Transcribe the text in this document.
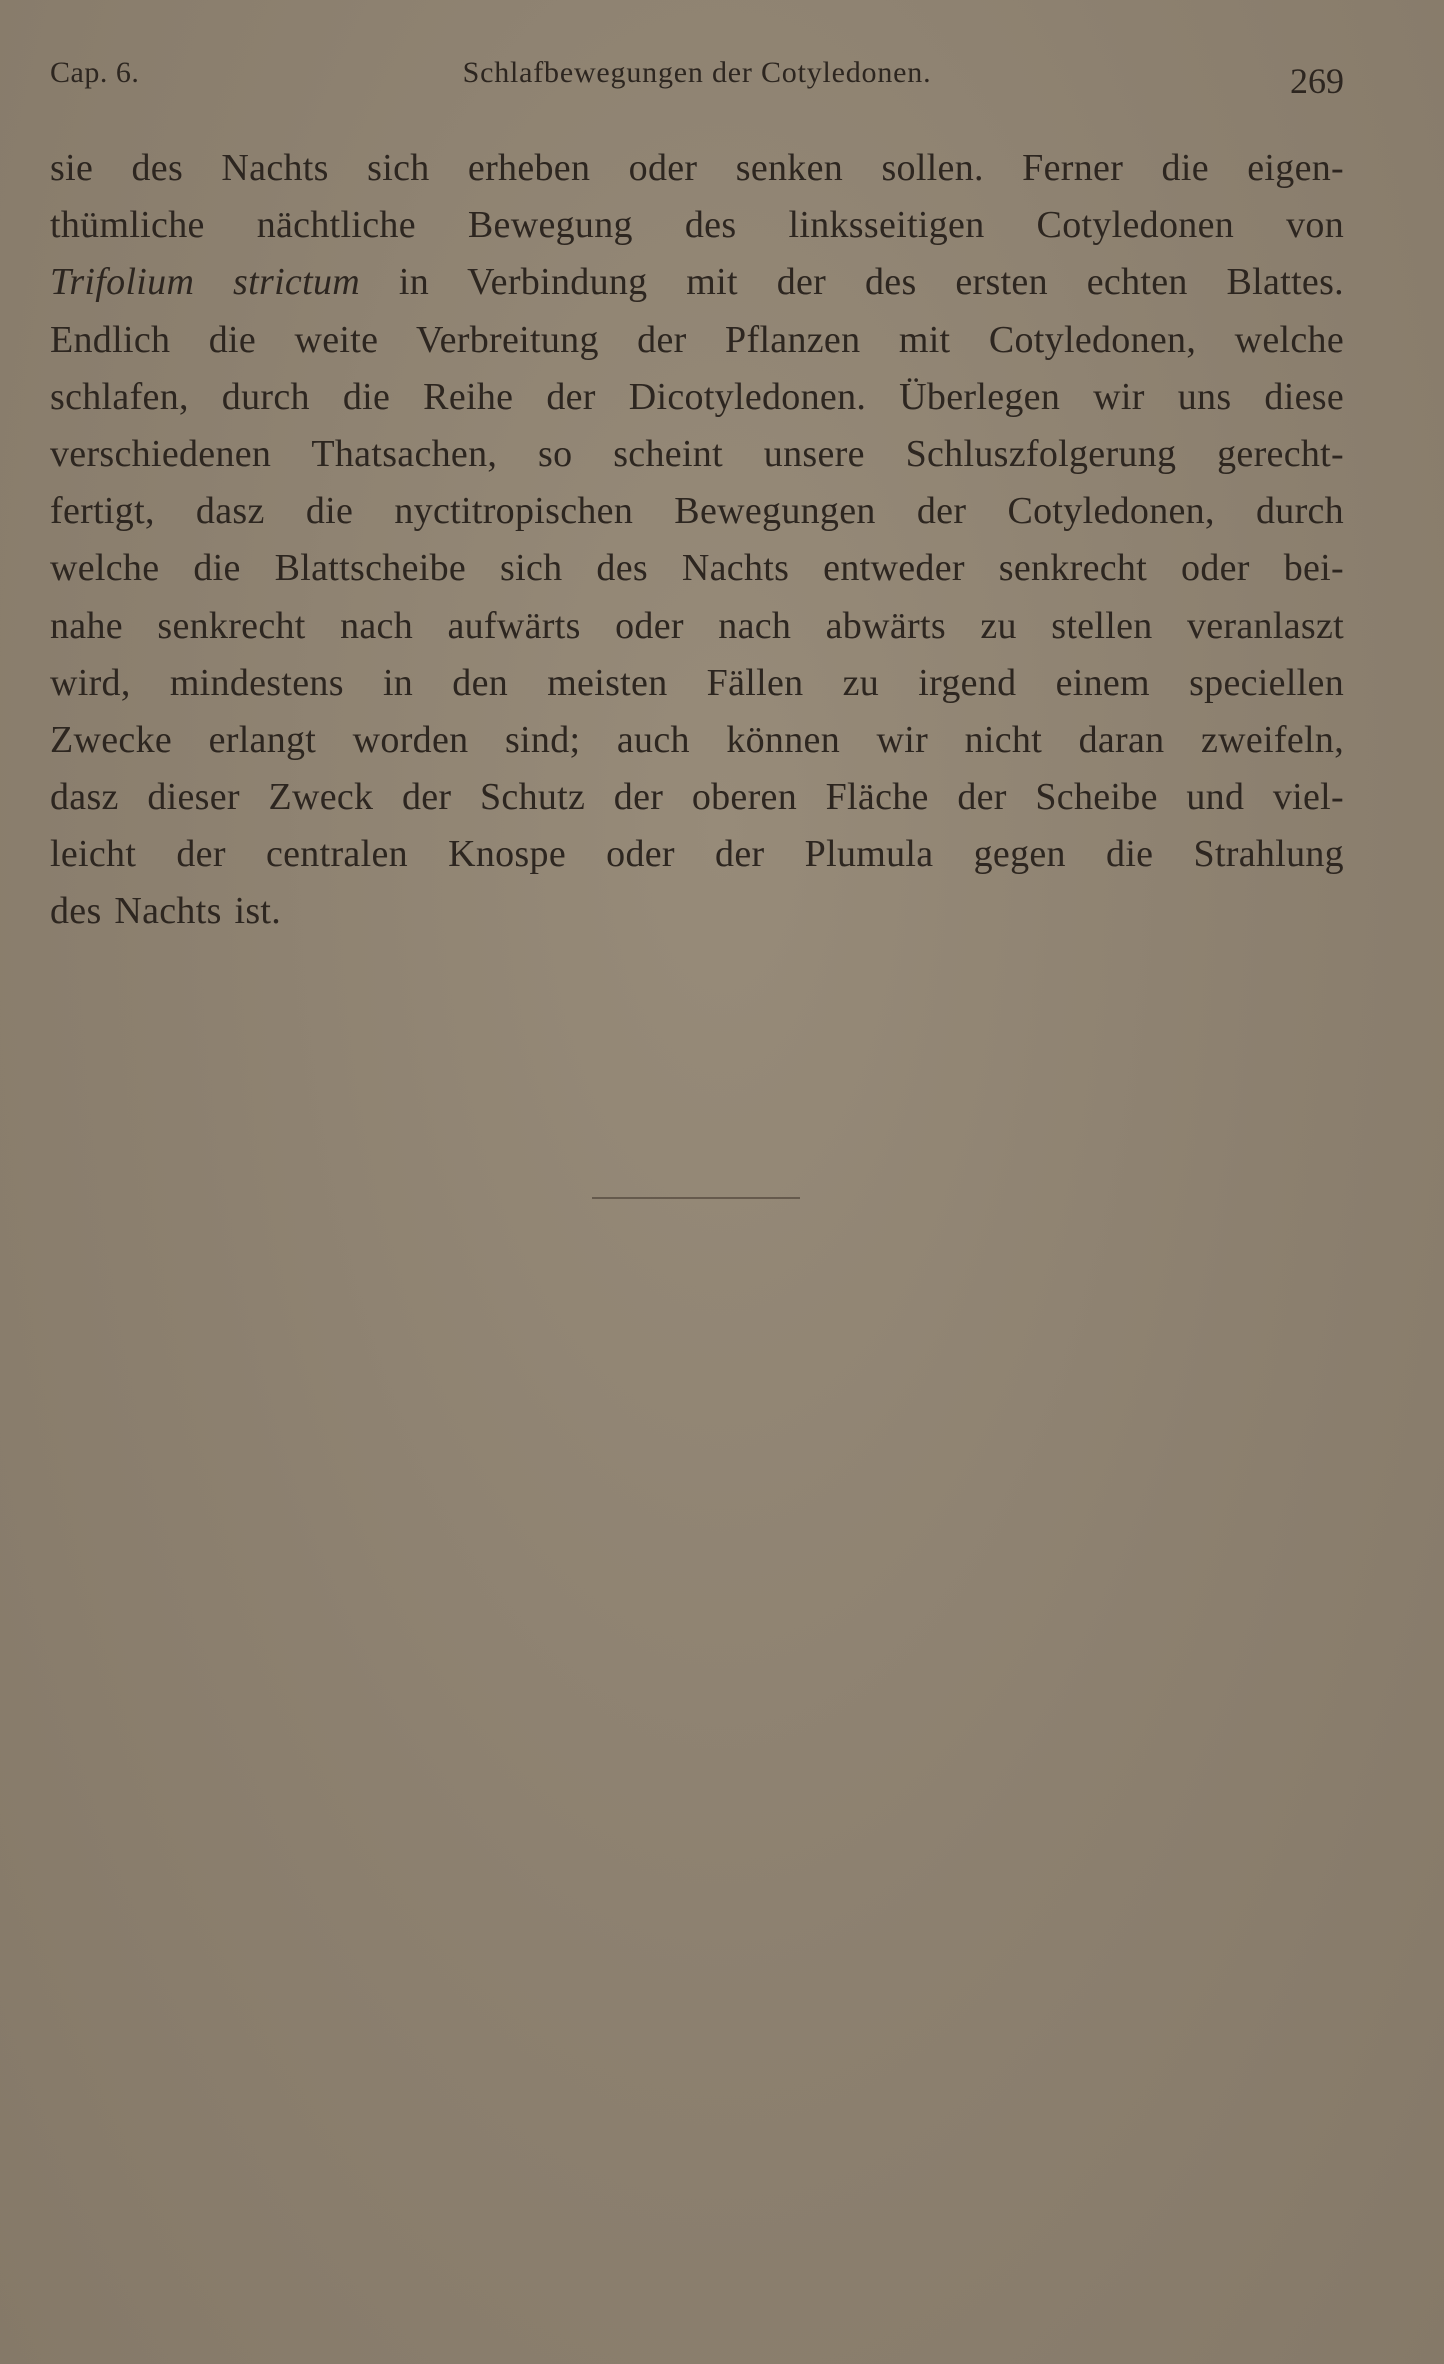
Cap. 6.	Schlafbewegungen der Cotyledonen.	269
sie des Nachts sich erheben oder senken sollen. Ferner die eigen-
thümliche nächtliche Bewegung des linksseitigen Cotyledonen von
Trifolium strictum in Verbindung mit der des ersten echten Blattes.
Endlich die weite Verbreitung der Pflanzen mit Cotyledonen, welche
schlafen, durch die Reihe der Dicotyledonen. Überlegen wir uns diese
verschiedenen Thatsachen, so scheint unsere Schluszfolgerung gerecht-
fertigt, dasz die nyctitropischen Bewegungen der Cotyledonen, durch
welche die Blattscheibe sich des Nachts entweder senkrecht oder bei-
nahe senkrecht nach aufwärts oder nach abwärts zu stellen veranlaszt
wird, mindestens in den meisten Fällen zu irgend einem speciellen
Zwecke erlangt worden sind; auch können wir nicht daran zweifeln,
dasz dieser Zweck der Schutz der oberen Fläche der Scheibe und viel-
leicht der centralen Knospe oder der Plumula gegen die Strahlung
des Nachts ist.
